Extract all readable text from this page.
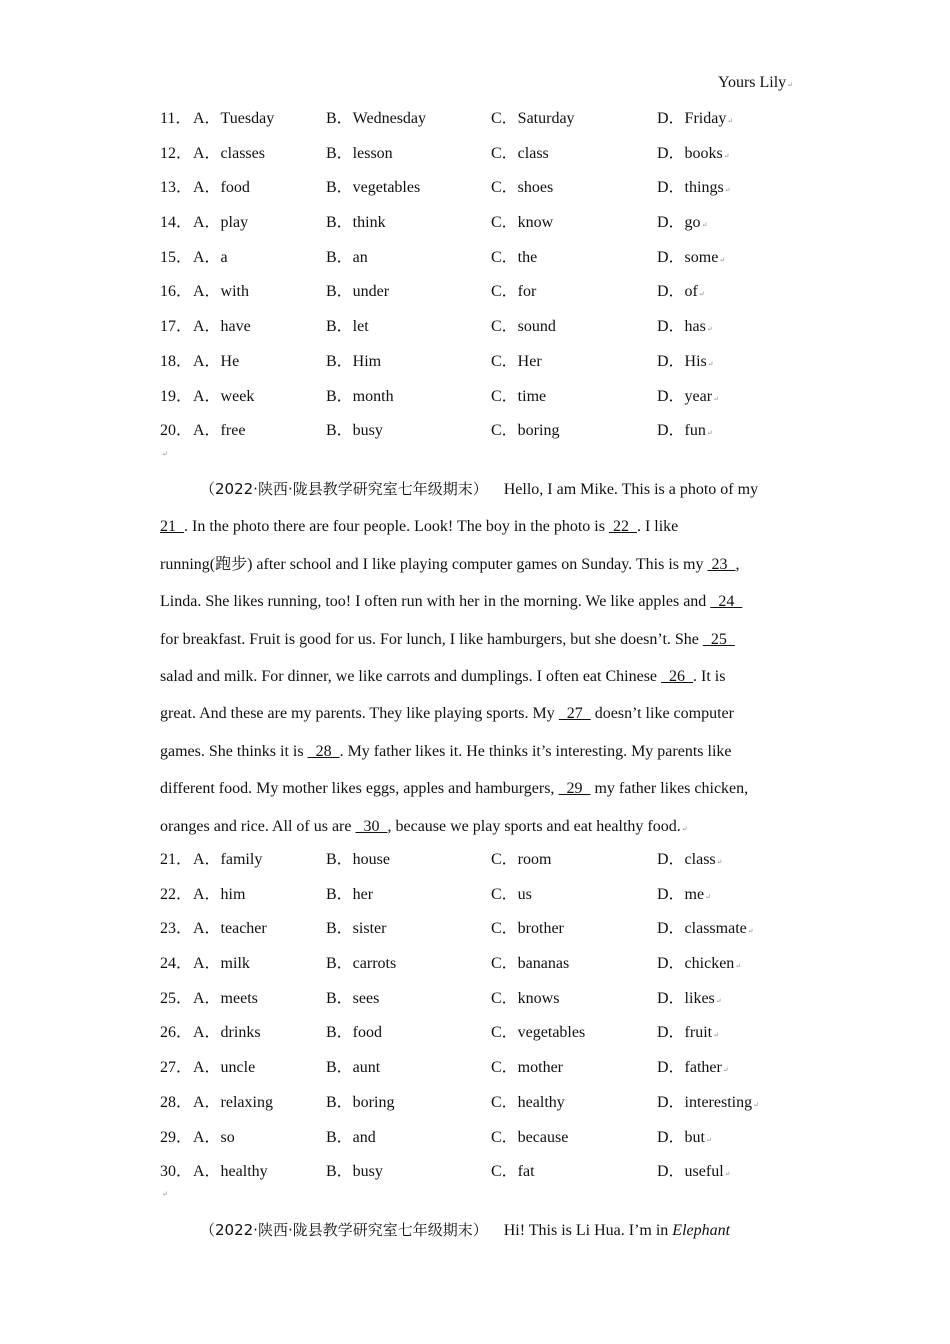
Yours Lily↵
11． A．Tuesday	B．Wednesday	C．Saturday	D．Friday↵
12． A．classes	B．lesson	C．class	D．books↵
13． A．food	B．vegetables	C．shoes	D．things↵
14． A．play	B．think	C．know	D．go↵
15． A．a	B．an	C．the	D．some↵
16． A．with	B．under	C．for	D．of↵
17． A．have	B．let	C．sound	D．has↵
18． A．He	B．Him	C．Her	D．His↵
19． A．week	B．month	C．time	D．year↵
20． A．free	B．busy	C．boring	D．fun↵
↵
（2022·陕西·陇县教学研究室七年级期末） Hello, I am Mike. This is a photo of my
21  . In the photo there are four people. Look! The boy in the photo is  22  . I like
running(跑步) after school and I like playing computer games on Sunday. This is my  23  ,
Linda. She likes running, too! I often run with her in the morning. We like apples and   24
for breakfast. Fruit is good for us. For lunch, I like hamburgers, but she doesn’t. She   25
salad and milk. For dinner, we like carrots and dumplings. I often eat Chinese   26  . It is
great. And these are my parents. They like playing sports. My   27   doesn’t like computer
games. She thinks it is   28  . My father likes it. He thinks it’s interesting. My parents like
different food. My mother likes eggs, apples and hamburgers,   29   my father likes chicken,
oranges and rice. All of us are   30  , because we play sports and eat healthy food.↵
21． A．family	B．house	C．room	D．class↵
22． A．him	B．her	C．us	D．me↵
23． A．teacher	B．sister	C．brother	D．classmate↵
24． A．milk	B．carrots	C．bananas	D．chicken↵
25． A．meets	B．sees	C．knows	D．likes↵
26． A．drinks	B．food	C．vegetables	D．fruit↵
27． A．uncle	B．aunt	C．mother	D．father↵
28． A．relaxing	B．boring	C．healthy	D．interesting↵
29． A．so	B．and	C．because	D．but↵
30． A．healthy	B．busy	C．fat	D．useful↵
↵
（2022·陕西·陇县教学研究室七年级期末） Hi! This is Li Hua. I’m in Elephant
